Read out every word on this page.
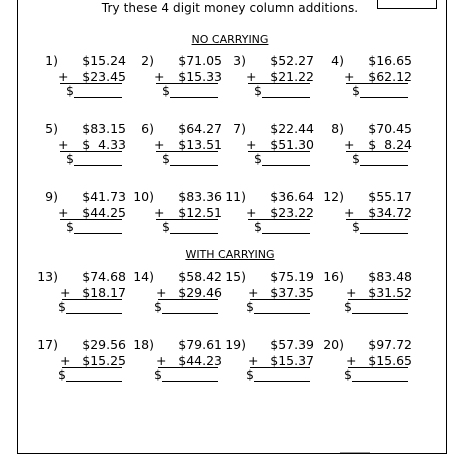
Try these 4 digit money column additions.
NO CARRYING
1) $15.24
+ $23.45
$
2) $71.05
+ $15.33
$
3) $52.27
+ $21.22
$
4) $16.65
+ $62.12
$
5) $83.15
+ $  4.33
$
6) $64.27
+ $13.51
$
7) $22.44
+ $51.30
$
8) $70.45
+ $  8.24
$
9) $41.73
+ $44.25
$
10) $83.36
+ $12.51
$
11) $36.64
+ $23.22
$
12) $55.17
+ $34.72
$
WITH CARRYING
13) $74.68
+ $18.17
$
14) $58.42
+ $29.46
$
15) $75.19
+ $37.35
$
16) $83.48
+ $31.52
$
17) $29.56
+ $15.25
$
18) $79.61
+ $44.23
$
19) $57.39
+ $15.37
$
20) $97.72
+ $15.65
$
